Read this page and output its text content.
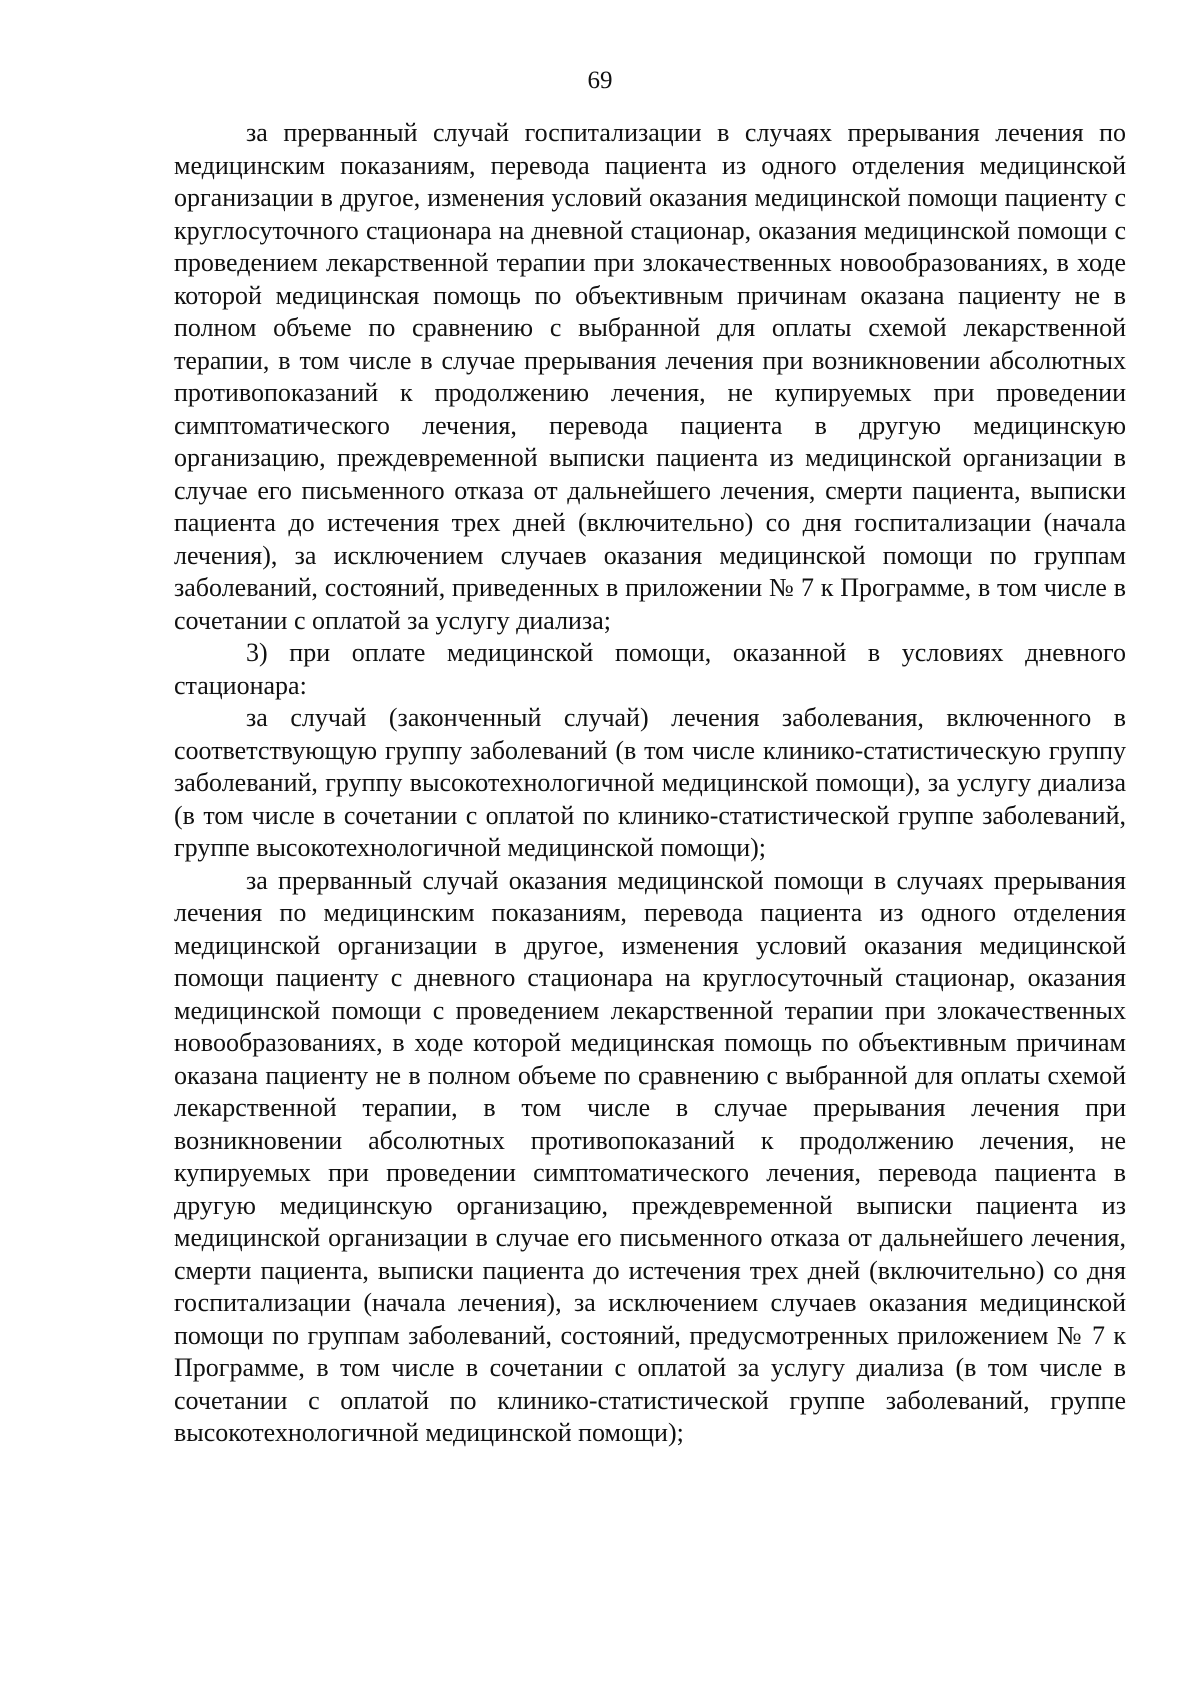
69

за прерванный случай госпитализации в случаях прерывания лечения по медицинским показаниям, перевода пациента из одного отделения медицинской организации в другое, изменения условий оказания медицинской помощи пациенту с круглосуточного стационара на дневной стационар, оказания медицинской помощи с проведением лекарственной терапии при злокачественных новообразованиях, в ходе которой медицинская помощь по объективным причинам оказана пациенту не в полном объеме по сравнению с выбранной для оплаты схемой лекарственной терапии, в том числе в случае прерывания лечения при возникновении абсолютных противопоказаний к продолжению лечения, не купируемых при проведении симптоматического лечения, перевода пациента в другую медицинскую организацию, преждевременной выписки пациента из медицинской организации в случае его письменного отказа от дальнейшего лечения, смерти пациента, выписки пациента до истечения трех дней (включительно) со дня госпитализации (начала лечения), за исключением случаев оказания медицинской помощи по группам заболеваний, состояний, приведенных в приложении № 7 к Программе, в том числе в сочетании с оплатой за услугу диализа;

3) при оплате медицинской помощи, оказанной в условиях дневного стационара:

за случай (законченный случай) лечения заболевания, включенного в соответствующую группу заболеваний (в том числе клинико-статистическую группу заболеваний, группу высокотехнологичной медицинской помощи), за услугу диализа (в том числе в сочетании с оплатой по клинико-статистической группе заболеваний, группе высокотехнологичной медицинской помощи);

за прерванный случай оказания медицинской помощи в случаях прерывания лечения по медицинским показаниям, перевода пациента из одного отделения медицинской организации в другое, изменения условий оказания медицинской помощи пациенту с дневного стационара на круглосуточный стационар, оказания медицинской помощи с проведением лекарственной терапии при злокачественных новообразованиях, в ходе которой медицинская помощь по объективным причинам оказана пациенту не в полном объеме по сравнению с выбранной для оплаты схемой лекарственной терапии, в том числе в случае прерывания лечения при возникновении абсолютных противопоказаний к продолжению лечения, не купируемых при проведении симптоматического лечения, перевода пациента в другую медицинскую организацию, преждевременной выписки пациента из медицинской организации в случае его письменного отказа от дальнейшего лечения, смерти пациента, выписки пациента до истечения трех дней (включительно) со дня госпитализации (начала лечения), за исключением случаев оказания медицинской помощи по группам заболеваний, состояний, предусмотренных приложением № 7 к Программе, в том числе в сочетании с оплатой за услугу диализа (в том числе в сочетании с оплатой по клинико-статистической группе заболеваний, группе высокотехнологичной медицинской помощи);
